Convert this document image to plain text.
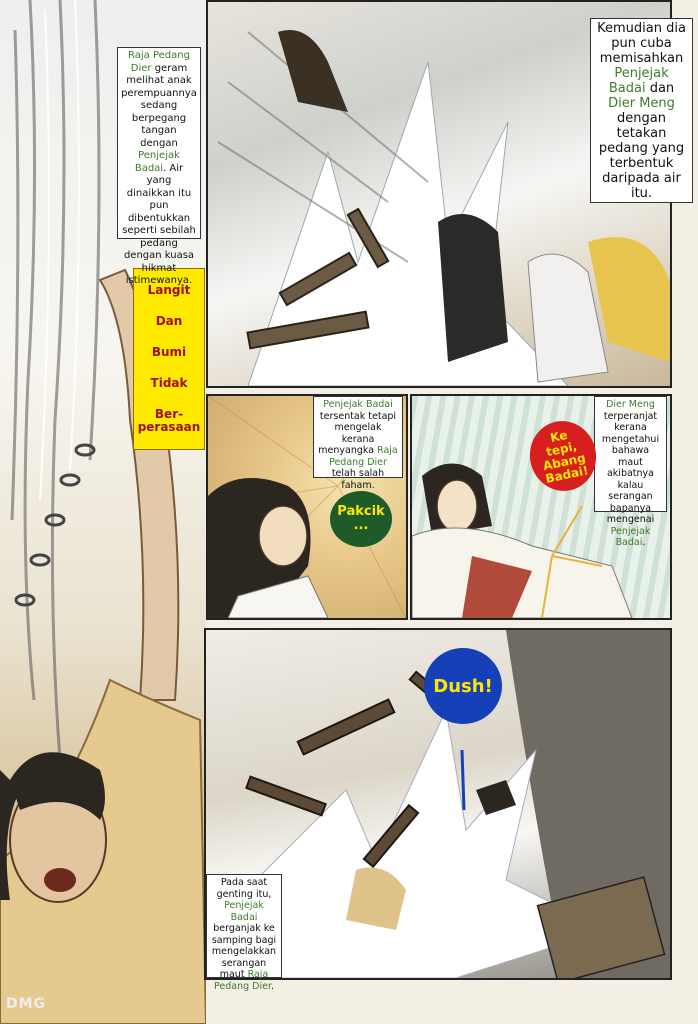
Langit
Dan
Bumi
Tidak
Ber-
perasaan
DMG
Raja Pedang Dier geram melihat anak perempuannya sedang berpegang tangan dengan Penjejak Badai. Air yang dinaikkan itu pun dibentukkan seperti sebilah pedang dengan kuasa hikmat istimewanya.
Kemudian dia pun cuba memisahkan Penjejak Badai dan Dier Meng dengan tetakan pedang yang terbentuk daripada air itu.
Penjejak Badai tersentak tetapi mengelak kerana menyangka Raja Pedang Dier telah salah faham.
Dier Meng terperanjat kerana mengetahui bahawa maut akibatnya kalau serangan bapanya mengenai Penjejak Badai.
Pada saat genting itu, Penjejak Badai berganjak ke samping bagi mengelakkan serangan maut Raja Pedang Dier.
Pakcik
...
Ke
tepi,
Abang
Badai!
Dush!
